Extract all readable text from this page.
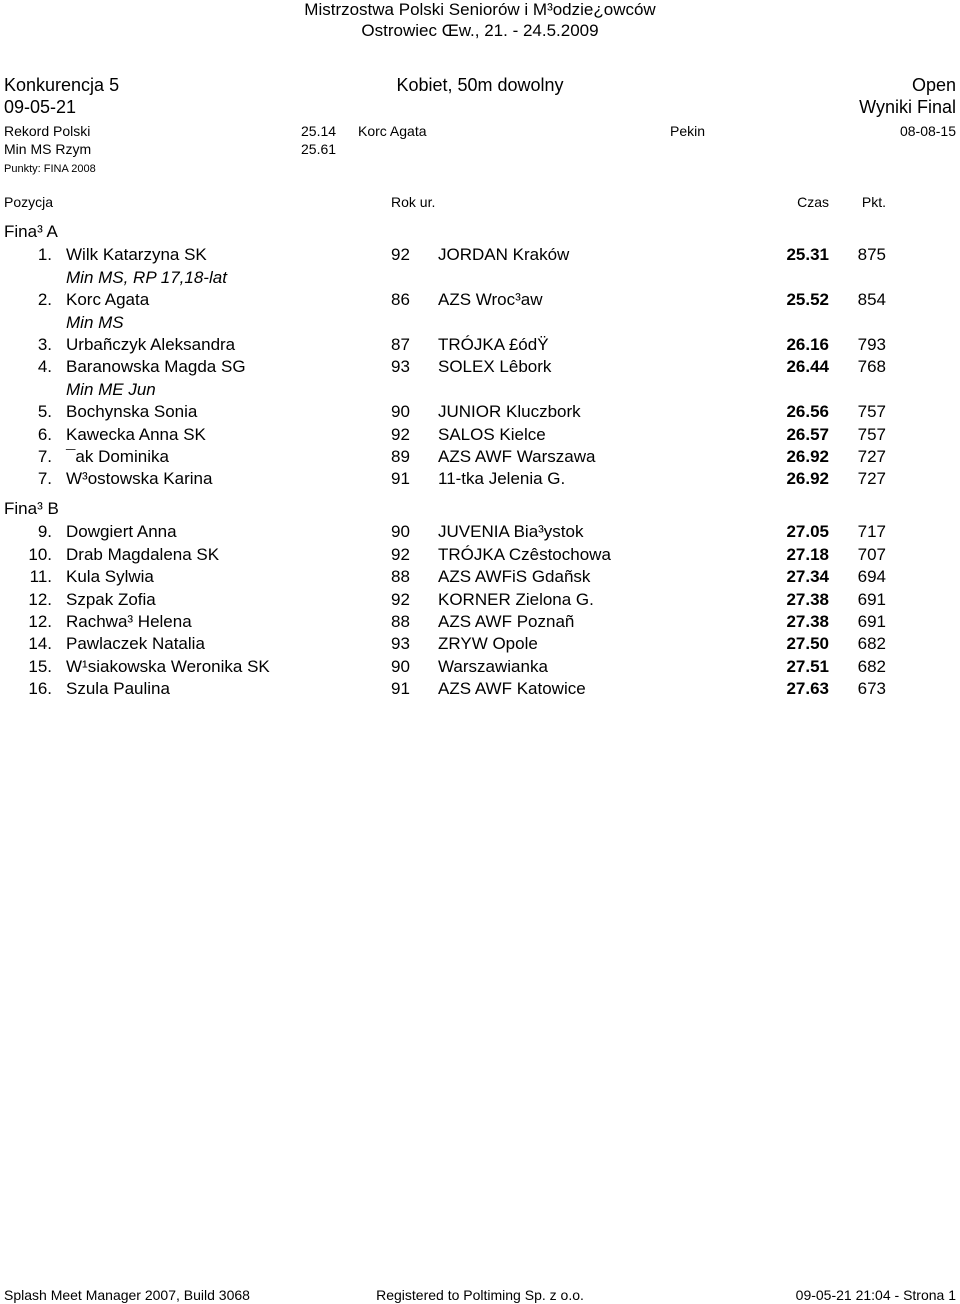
Mistrzostwa Polski Seniorów i M³odzie¿owców
Ostrowiec Œw., 21. - 24.5.2009
Konkurencja 5	Kobiet, 50m dowolny	Open
09-05-21	Wyniki Final
Rekord Polski	25.14 Korc Agata	Pekin	08-08-15
Min MS Rzym	25.61
Punkty: FINA 2008
Pozycja	Rok ur.	Czas Pkt.
Fina³ A
1. Wilk Katarzyna SK	92 JORDAN Kraków	25.31 875
Min MS, RP 17,18-lat
2. Korc Agata	86 AZS Wroc³aw	25.52 854
Min MS
3. Urbañczyk Aleksandra	87 TRÓJKA £ódŸ	26.16 793
4. Baranowska Magda SG	93 SOLEX Lêbork	26.44 768
Min ME Jun
5. Bochynska Sonia	90 JUNIOR Kluczbork	26.56 757
6. Kawecka Anna SK	92 SALOS Kielce	26.57 757
7. ¯ak Dominika	89 AZS AWF Warszawa	26.92 727
7. W³ostowska Karina	91 11-tka Jelenia G.	26.92 727
Fina³ B
9. Dowgiert Anna	90 JUVENIA Bia³ystok	27.05 717
10. Drab Magdalena SK	92 TRÓJKA Czêstochowa	27.18 707
11. Kula Sylwia	88 AZS AWFiS Gdañsk	27.34 694
12. Szpak Zofia	92 KORNER Zielona G.	27.38 691
12. Rachwa³ Helena	88 AZS AWF Poznañ	27.38 691
14. Pawlaczek Natalia	93 ZRYW Opole	27.50 682
15. W¹siakowska Weronika SK	90 Warszawianka	27.51 682
16. Szula Paulina	91 AZS AWF Katowice	27.63 673
Splash Meet Manager 2007, Build 3068	Registered to Poltiming Sp. z o.o.	09-05-21 21:04 - Strona 1
